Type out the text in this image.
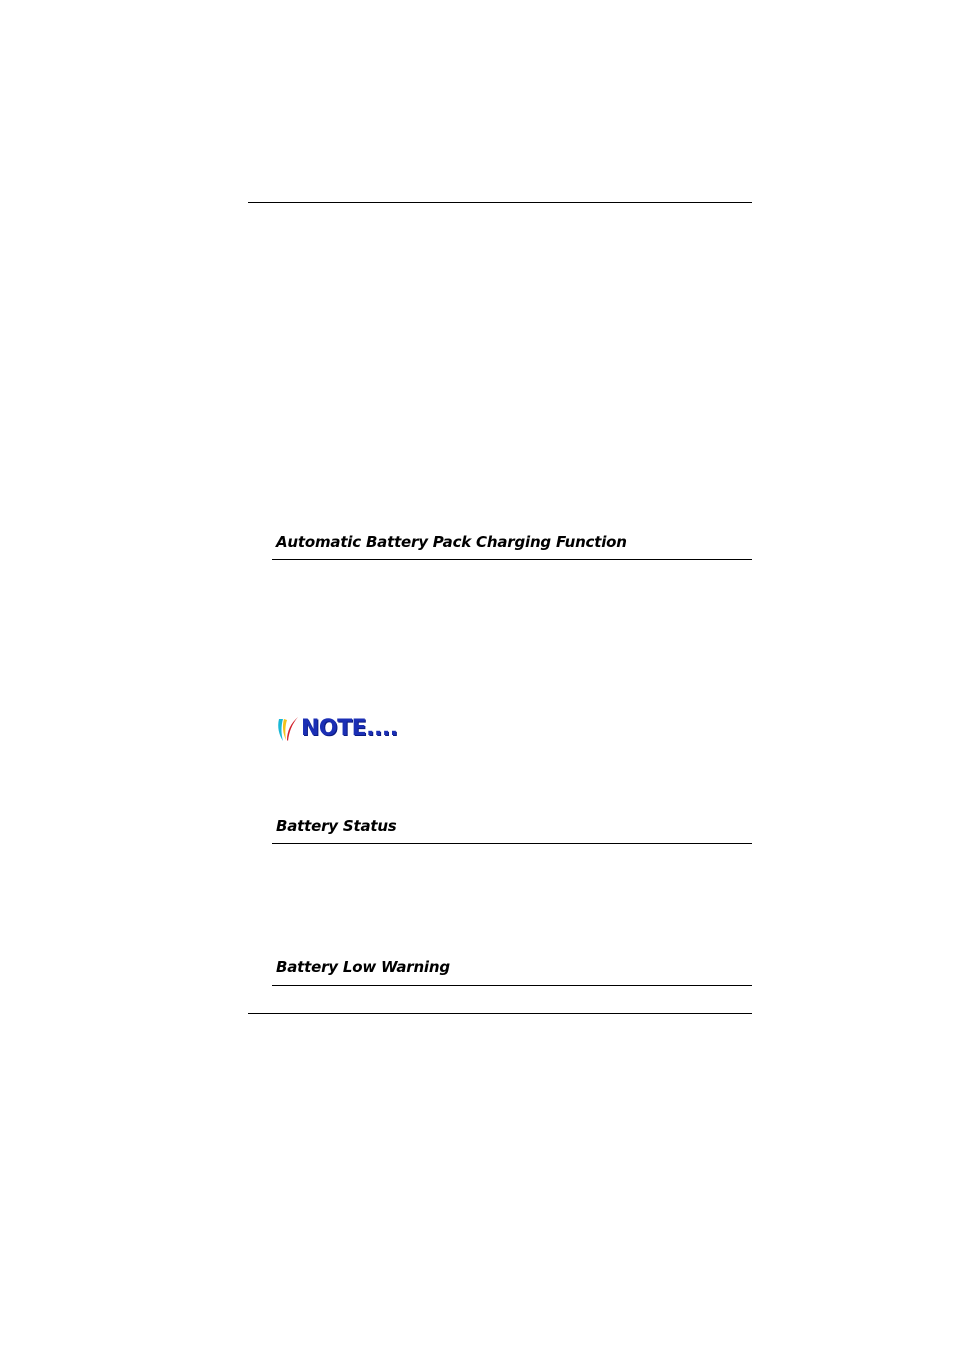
Automatic Battery Pack Charging Function
NOTE....
Battery Status
Battery Low Warning
